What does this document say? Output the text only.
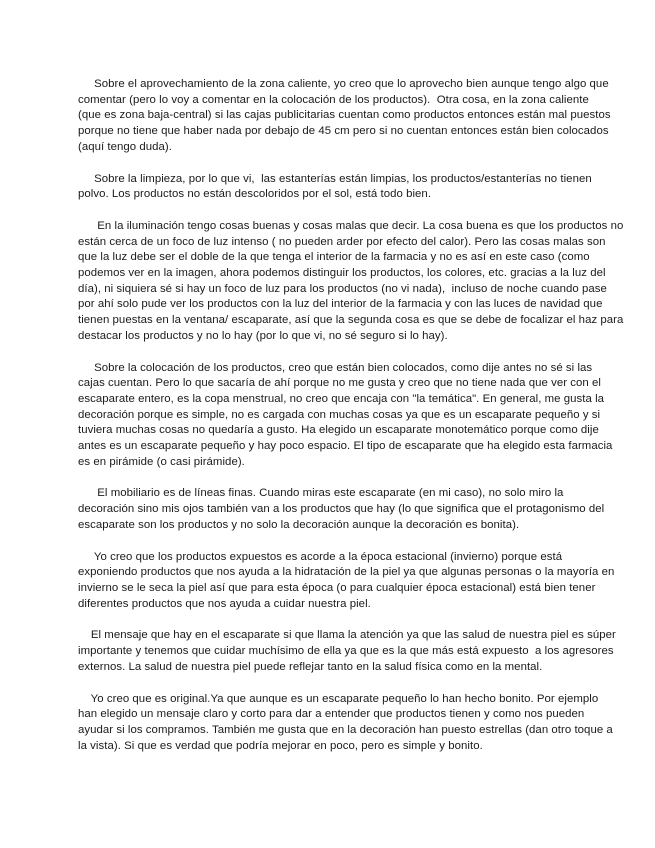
Sobre el aprovechamiento de la zona caliente, yo creo que lo aprovecho bien aunque tengo algo que
comentar (pero lo voy a comentar en la colocación de los productos).  Otra cosa, en la zona caliente
(que es zona baja-central) si las cajas publicitarias cuentan como productos entonces están mal puestos
porque no tiene que haber nada por debajo de 45 cm pero si no cuentan entonces están bien colocados
(aquí tengo duda).
Sobre la limpieza, por lo que vi,  las estanterías están limpias, los productos/estanterías no tienen
polvo. Los productos no están descoloridos por el sol, está todo bien.
En la iluminación tengo cosas buenas y cosas malas que decir. La cosa buena es que los productos no
están cerca de un foco de luz intenso ( no pueden arder por efecto del calor). Pero las cosas malas son
que la luz debe ser el doble de la que tenga el interior de la farmacia y no es así en este caso (como
podemos ver en la imagen, ahora podemos distinguir los productos, los colores, etc. gracias a la luz del
día), ni siquiera sé si hay un foco de luz para los productos (no vi nada),  incluso de noche cuando pase
por ahí solo pude ver los productos con la luz del interior de la farmacia y con las luces de navidad que
tienen puestas en la ventana/ escaparate, así que la segunda cosa es que se debe de focalizar el haz para
destacar los productos y no lo hay (por lo que vi, no sé seguro si lo hay).
Sobre la colocación de los productos, creo que están bien colocados, como dije antes no sé si las
cajas cuentan. Pero lo que sacaría de ahí porque no me gusta y creo que no tiene nada que ver con el
escaparate entero, es la copa menstrual, no creo que encaja con "la temática". En general, me gusta la
decoración porque es simple, no es cargada con muchas cosas ya que es un escaparate pequeño y si
tuviera muchas cosas no quedaría a gusto. Ha elegido un escaparate monotemático porque como dije
antes es un escaparate pequeño y hay poco espacio. El tipo de escaparate que ha elegido esta farmacia
es en pirámide (o casi pirámide).
El mobiliario es de líneas finas. Cuando miras este escaparate (en mi caso), no solo miro la
decoración sino mis ojos también van a los productos que hay (lo que significa que el protagonismo del
escaparate son los productos y no solo la decoración aunque la decoración es bonita).
Yo creo que los productos expuestos es acorde a la época estacional (invierno) porque está
exponiendo productos que nos ayuda a la hidratación de la piel ya que algunas personas o la mayoría en
invierno se le seca la piel así que para esta época (o para cualquier época estacional) está bien tener
diferentes productos que nos ayuda a cuidar nuestra piel.
El mensaje que hay en el escaparate si que llama la atención ya que las salud de nuestra piel es súper
importante y tenemos que cuidar muchísimo de ella ya que es la que más está expuesto  a los agresores
externos. La salud de nuestra piel puede reflejar tanto en la salud física como en la mental.
Yo creo que es original.Ya que aunque es un escaparate pequeño lo han hecho bonito. Por ejemplo
han elegido un mensaje claro y corto para dar a entender que productos tienen y como nos pueden
ayudar si los compramos. También me gusta que en la decoración han puesto estrellas (dan otro toque a
la vista). Si que es verdad que podría mejorar en poco, pero es simple y bonito.
